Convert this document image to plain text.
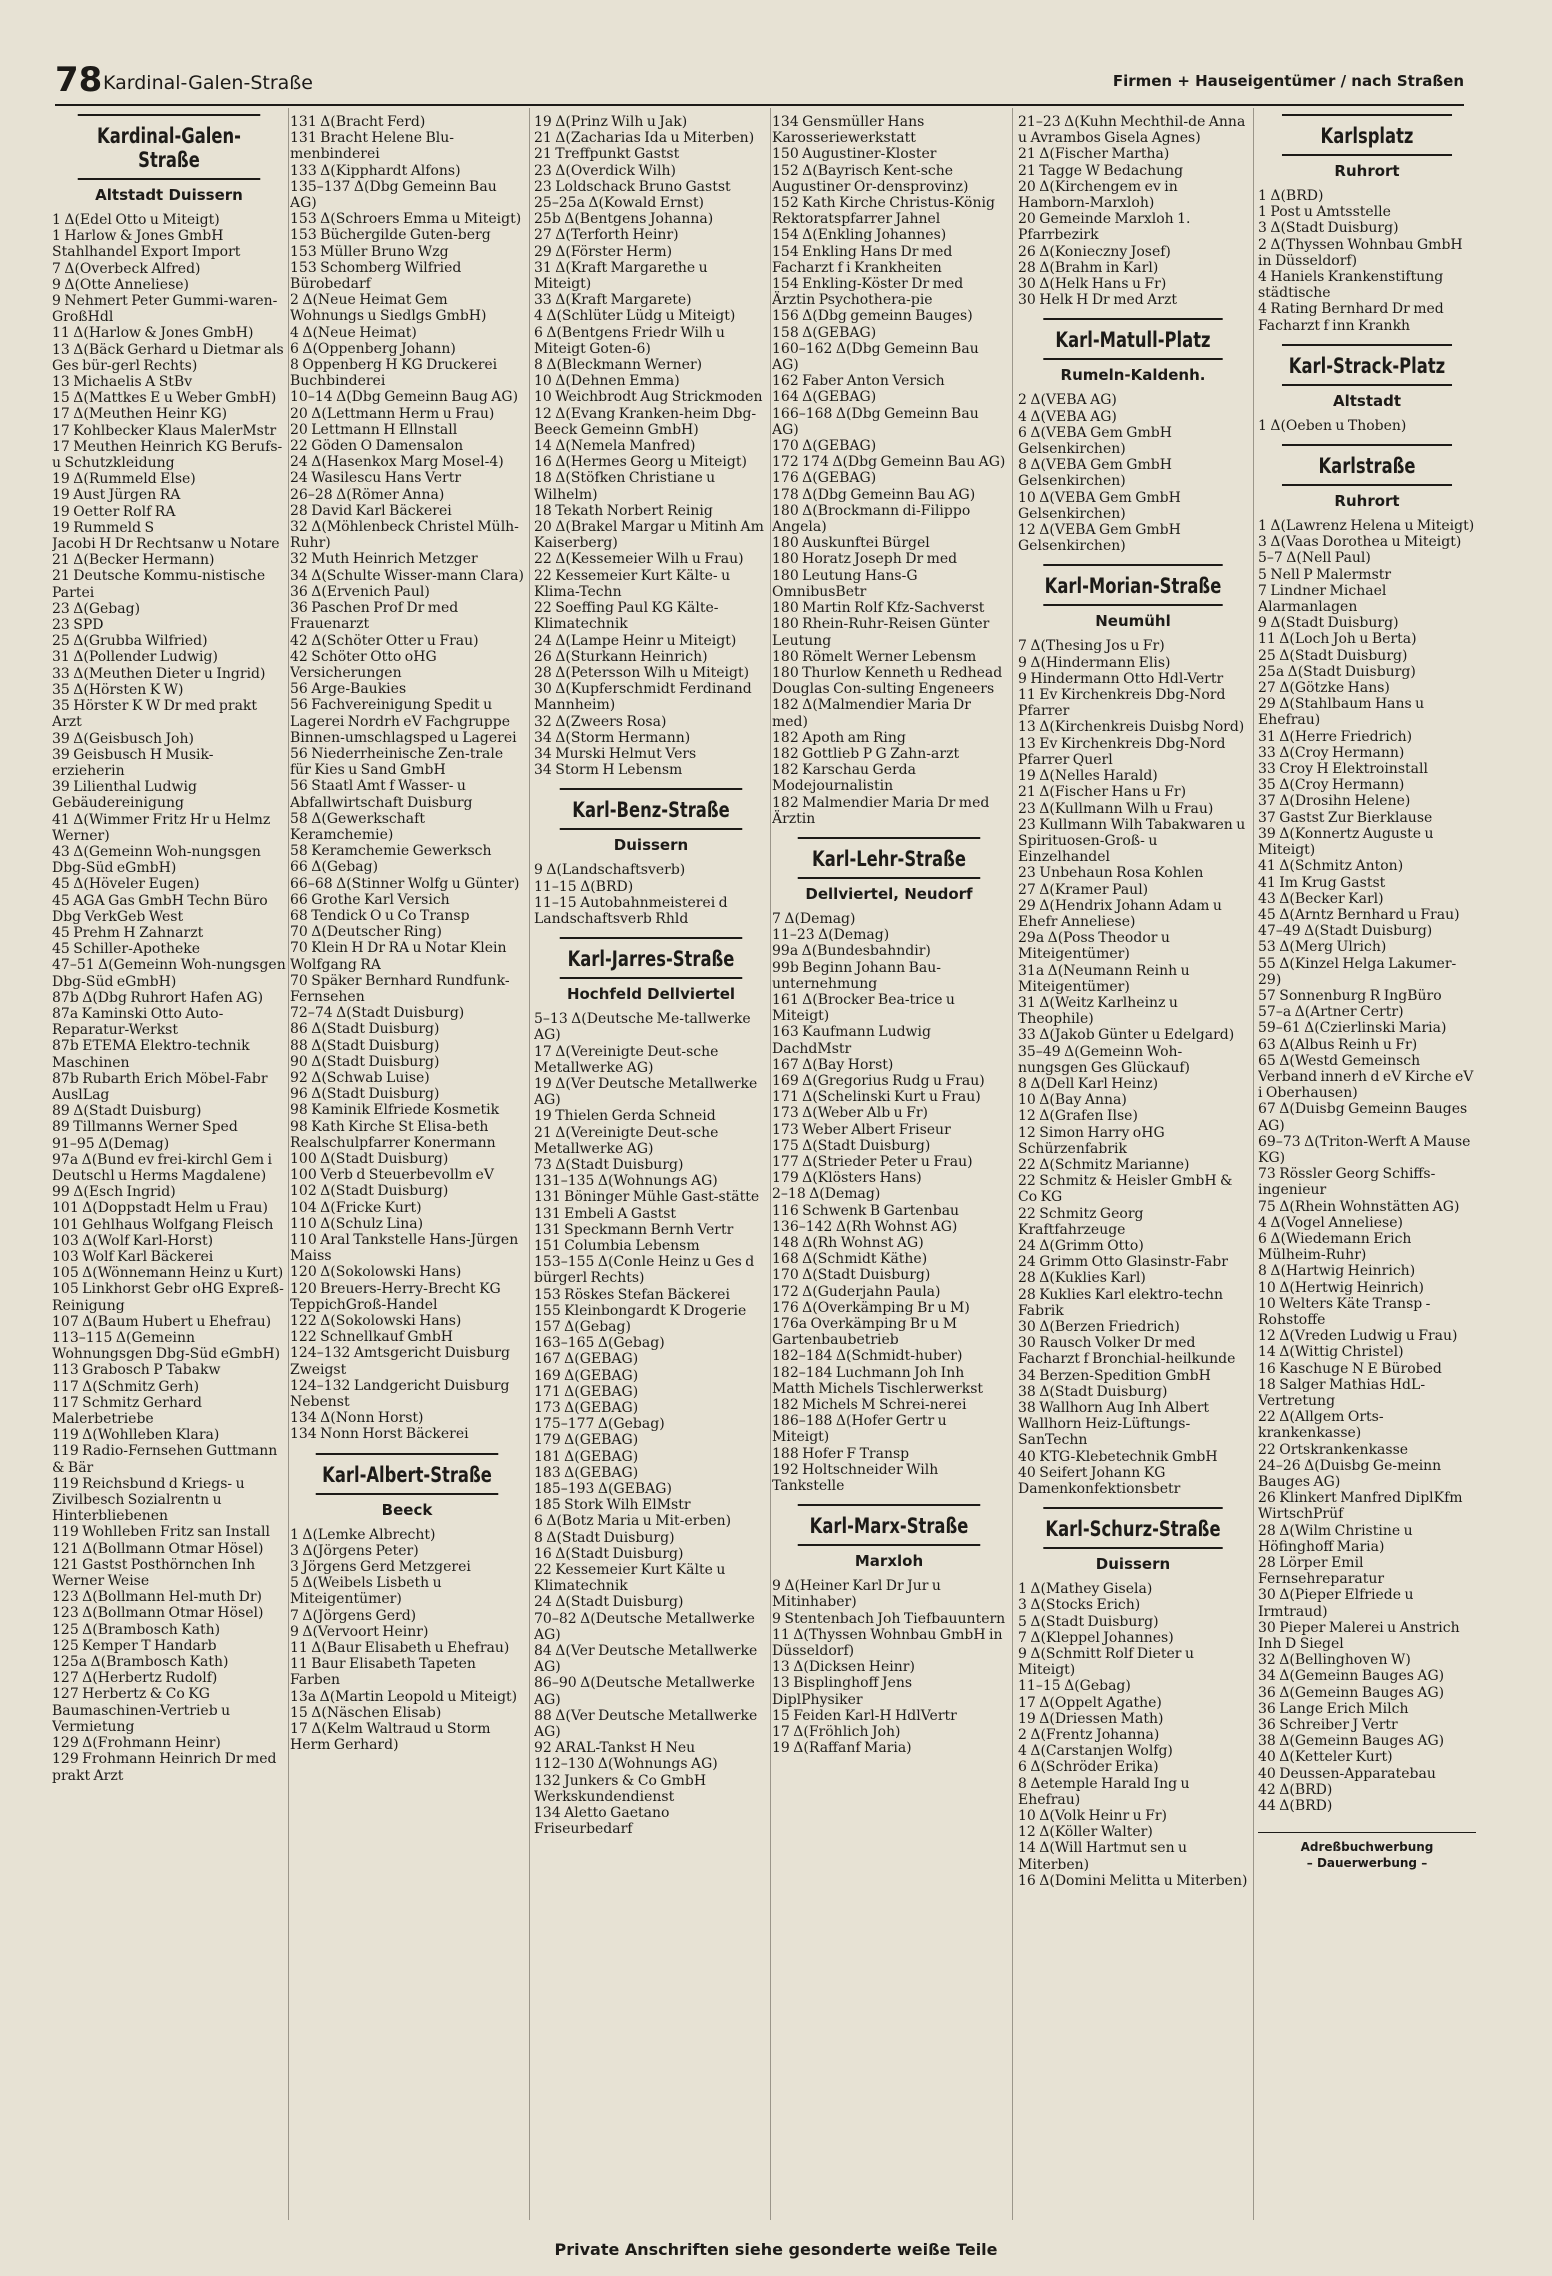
78 Kardinal-Galen-Straße	Firmen + Hauseigentümer / nach Straßen
Kardinal-Galen-Straße
Altstadt Duissern
1 Δ(Edel Otto u Miteigt)
1 Harlow & Jones GmbH Stahlhandel Export Import
7 Δ(Overbeck Alfred)
9 Δ(Otte Anneliese)
9 Nehmert Peter Gummi-waren-GroßHdl
11 Δ(Harlow & Jones GmbH)
13 Δ(Bäck Gerhard u Dietmar als Ges bür-gerl Rechts)
13 Michaelis A StBv
15 Δ(Mattkes E u Weber GmbH)
17 Δ(Meuthen Heinr KG)
17 Kohlbecker Klaus MalerMstr
17 Meuthen Heinrich KG Berufs- u Schutzkleidung
19 Δ(Rummeld Else)
19 Aust Jürgen RA
19 Oetter Rolf RA
19 Rummeld S
Jacobi H Dr Rechtsanw u Notare
21 Δ(Becker Hermann)
21 Deutsche Kommu-nistische Partei
23 Δ(Gebag)
23 SPD
25 Δ(Grubba Wilfried)
31 Δ(Pollender Ludwig)
33 Δ(Meuthen Dieter u Ingrid)
35 Δ(Hörsten K W)
35 Hörster K W Dr med prakt Arzt
39 Δ(Geisbusch Joh)
39 Geisbusch H Musik-erzieherin
39 Lilienthal Ludwig Gebäudereinigung
41 Δ(Wimmer Fritz Hr u Helmz Werner)
43 Δ(Gemeinn Woh-nungsgen Dbg-Süd eGmbH)
45 Δ(Höveler Eugen)
45 AGA Gas GmbH Techn Büro Dbg VerkGeb West
45 Prehm H Zahnarzt
45 Schiller-Apotheke
47–51 Δ(Gemeinn Woh-nungsgen Dbg-Süd eGmbH)
87b Δ(Dbg Ruhrort Hafen AG)
87a Kaminski Otto Auto-Reparatur-Werkst
87b ETEMA Elektro-technik Maschinen
87b Rubarth Erich Möbel-Fabr AuslLag
89 Δ(Stadt Duisburg)
89 Tillmanns Werner Sped
91–95 Δ(Demag)
97a Δ(Bund ev frei-kirchl Gem i Deutschl u Herms Magdalene)
99 Δ(Esch Ingrid)
101 Δ(Doppstadt Helm u Frau)
101 Gehlhaus Wolfgang Fleisch
103 Δ(Wolf Karl-Horst)
103 Wolf Karl Bäckerei
105 Δ(Wönnemann Heinz u Kurt)
105 Linkhorst Gebr oHG Expreß-Reinigung
107 Δ(Baum Hubert u Ehefrau)
113–115 Δ(Gemeinn Wohnungsgen Dbg-Süd eGmbH)
113 Grabosch P Tabakw
117 Δ(Schmitz Gerh)
117 Schmitz Gerhard Malerbetriebe
119 Δ(Wohlleben Klara)
119 Radio-Fernsehen Guttmann & Bär
119 Reichsbund d Kriegs- u Zivilbesch Sozialrentn u Hinterbliebenen
119 Wohlleben Fritz san Install
121 Δ(Bollmann Otmar Hösel)
121 Gastst Posthörnchen Inh Werner Weise
123 Δ(Bollmann Hel-muth Dr)
123 Δ(Bollmann Otmar Hösel)
125 Δ(Brambosch Kath)
125 Kemper T Handarb
125a Δ(Brambosch Kath)
127 Δ(Herbertz Rudolf)
127 Herbertz & Co KG Baumaschinen-Vertrieb u Vermietung
129 Δ(Frohmann Heinr)
129 Frohmann Heinrich Dr med prakt Arzt
131 Δ(Bracht Ferd)
131 Bracht Helene Blu-menbinderei
133 Δ(Kipphardt Alfons)
135–137 Δ(Dbg Gemeinn Bau AG)
153 Δ(Schroers Emma u Miteigt)
153 Büchergilde Guten-berg
153 Müller Bruno Wzg
153 Schomberg Wilfried Bürobedarf
2 Δ(Neue Heimat Gem Wohnungs u Siedlgs GmbH)
4 Δ(Neue Heimat)
6 Δ(Oppenberg Johann)
8 Oppenberg H KG Druckerei Buchbinderei
10–14 Δ(Dbg Gemeinn Baug AG)
20 Δ(Lettmann Herm u Frau)
20 Lettmann H Ellnstall
22 Göden O Damensalon
24 Δ(Hasenkox Marg Mosel-4)
24 Wasilescu Hans Vertr
26–28 Δ(Römer Anna)
28 David Karl Bäckerei
32 Δ(Möhlenbeck Christel Mülh-Ruhr)
32 Muth Heinrich Metzger
34 Δ(Schulte Wisser-mann Clara)
36 Δ(Ervenich Paul)
36 Paschen Prof Dr med Frauenarzt
42 Δ(Schöter Otter u Frau)
42 Schöter Otto oHG Versicherungen
56 Arge-Baukies
56 Fachvereinigung Spedit u Lagerei Nordrh eV Fachgruppe Binnen-umschlagsped u Lagerei
56 Niederrheinische Zen-trale für Kies u Sand GmbH
56 Staatl Amt f Wasser- u Abfallwirtschaft Duisburg
58 Δ(Gewerkschaft Keramchemie)
58 Keramchemie Gewerksch
66 Δ(Gebag)
66–68 Δ(Stinner Wolfg u Günter)
66 Grothe Karl Versich
68 Tendick O u Co Transp
70 Δ(Deutscher Ring)
70 Klein H Dr RA u Notar Klein Wolfgang RA
70 Späker Bernhard Rundfunk-Fernsehen
72–74 Δ(Stadt Duisburg)
86 Δ(Stadt Duisburg)
88 Δ(Stadt Duisburg)
90 Δ(Stadt Duisburg)
92 Δ(Schwab Luise)
96 Δ(Stadt Duisburg)
98 Kaminik Elfriede Kosmetik
98 Kath Kirche St Elisa-beth Realschulpfarrer Konermann
100 Δ(Stadt Duisburg)
100 Verb d Steuerbevollm eV
102 Δ(Stadt Duisburg)
104 Δ(Fricke Kurt)
110 Δ(Schulz Lina)
110 Aral Tankstelle Hans-Jürgen Maiss
120 Δ(Sokolowski Hans)
120 Breuers-Herry-Brecht KG TeppichGroß-Handel
122 Δ(Sokolowski Hans)
122 Schnellkauf GmbH
124–132 Amtsgericht Duisburg Zweigst
124–132 Landgericht Duisburg Nebenst
134 Δ(Nonn Horst)
134 Nonn Horst Bäckerei
Karl-Albert-Straße
Beeck
1 Δ(Lemke Albrecht)
3 Δ(Jörgens Peter)
3 Jörgens Gerd Metzgerei
5 Δ(Weibels Lisbeth u Miteigentümer)
7 Δ(Jörgens Gerd)
9 Δ(Vervoort Heinr)
11 Δ(Baur Elisabeth u Ehefrau)
11 Baur Elisabeth Tapeten Farben
13a Δ(Martin Leopold u Miteigt)
15 Δ(Näschen Elisab)
17 Δ(Kelm Waltraud u Storm Herm Gerhard)
19 Δ(Prinz Wilh u Jak)
21 Δ(Zacharias Ida u Miterben)
21 Treffpunkt Gastst
23 Δ(Overdick Wilh)
23 Loldschack Bruno Gastst
25–25a Δ(Kowald Ernst)
25b Δ(Bentgens Johanna)
27 Δ(Terforth Heinr)
29 Δ(Förster Herm)
31 Δ(Kraft Margarethe u Miteigt)
33 Δ(Kraft Margarete)
4 Δ(Schlüter Lüdg u Miteigt)
6 Δ(Bentgens Friedr Wilh u Miteigt Goten-6)
8 Δ(Bleckmann Werner)
10 Δ(Dehnen Emma)
10 Weichbrodt Aug Strickmoden
12 Δ(Evang Kranken-heim Dbg-Beeck Gemeinn GmbH)
14 Δ(Nemela Manfred)
16 Δ(Hermes Georg u Miteigt)
18 Δ(Stöfken Christiane u Wilhelm)
18 Tekath Norbert Reinig
20 Δ(Brakel Margar u Mitinh Am Kaiserberg)
22 Δ(Kessemeier Wilh u Frau)
22 Kessemeier Kurt Kälte- u Klima-Techn
22 Soeffing Paul KG Kälte-Klimatechnik
24 Δ(Lampe Heinr u Miteigt)
26 Δ(Sturkann Heinrich)
28 Δ(Petersson Wilh u Miteigt)
30 Δ(Kupferschmidt Ferdinand Mannheim)
32 Δ(Zweers Rosa)
34 Δ(Storm Hermann)
34 Murski Helmut Vers
34 Storm H Lebensm
Karl-Benz-Straße
Duissern
9 Δ(Landschaftsverb)
11–15 Δ(BRD)
11–15 Autobahnmeisterei d Landschaftsverb Rhld
Karl-Jarres-Straße
Hochfeld Dellviertel
5–13 Δ(Deutsche Me-tallwerke AG)
17 Δ(Vereinigte Deut-sche Metallwerke AG)
19 Δ(Ver Deutsche Metallwerke AG)
19 Thielen Gerda Schneid
21 Δ(Vereinigte Deut-sche Metallwerke AG)
73 Δ(Stadt Duisburg)
131–135 Δ(Wohnungs AG)
131 Böninger Mühle Gast-stätte
131 Embeli A Gastst
131 Speckmann Bernh Vertr
151 Columbia Lebensm
153–155 Δ(Conle Heinz u Ges d bürgerl Rechts)
153 Röskes Stefan Bäckerei
155 Kleinbongardt K Drogerie
157 Δ(Gebag)
163–165 Δ(Gebag)
167 Δ(GEBAG)
169 Δ(GEBAG)
171 Δ(GEBAG)
173 Δ(GEBAG)
175–177 Δ(Gebag)
179 Δ(GEBAG)
181 Δ(GEBAG)
183 Δ(GEBAG)
185–193 Δ(GEBAG)
185 Stork Wilh ElMstr
6 Δ(Botz Maria u Mit-erben)
8 Δ(Stadt Duisburg)
16 Δ(Stadt Duisburg)
22 Kessemeier Kurt Kälte u Klimatechnik
24 Δ(Stadt Duisburg)
70–82 Δ(Deutsche Metallwerke AG)
84 Δ(Ver Deutsche Metallwerke AG)
86–90 Δ(Deutsche Metallwerke AG)
88 Δ(Ver Deutsche Metallwerke AG)
92 ARAL-Tankst H Neu
112–130 Δ(Wohnungs AG)
132 Junkers & Co GmbH Werkskundendienst
134 Aletto Gaetano Friseurbedarf
134 Gensmüller Hans Karosseriewerkstatt
150 Augustiner-Kloster
152 Δ(Bayrisch Kent-sche Augustiner Or-densprovinz)
152 Kath Kirche Christus-König Rektoratspfarrer Jahnel
154 Δ(Enkling Johannes)
154 Enkling Hans Dr med Facharzt f i Krankheiten
154 Enkling-Köster Dr med Ärztin Psychothera-pie
156 Δ(Dbg gemeinn Bauges)
158 Δ(GEBAG)
160–162 Δ(Dbg Gemeinn Bau AG)
162 Faber Anton Versich
164 Δ(GEBAG)
166–168 Δ(Dbg Gemeinn Bau AG)
170 Δ(GEBAG)
172 174 Δ(Dbg Gemeinn Bau AG)
176 Δ(GEBAG)
178 Δ(Dbg Gemeinn Bau AG)
180 Δ(Brockmann di-Filippo Angela)
180 Auskunftei Bürgel
180 Horatz Joseph Dr med
180 Leutung Hans-G OmnibusBetr
180 Martin Rolf Kfz-Sachverst
180 Rhein-Ruhr-Reisen Günter Leutung
180 Römelt Werner Lebensm
180 Thurlow Kenneth u Redhead Douglas Con-sulting Engeneers
182 Δ(Malmendier Maria Dr med)
182 Apoth am Ring
182 Gottlieb P G Zahn-arzt
182 Karschau Gerda Modejournalistin
182 Malmendier Maria Dr med Ärztin
Karl-Lehr-Straße
Dellviertel, Neudorf
7 Δ(Demag)
11–23 Δ(Demag)
99a Δ(Bundesbahndir)
99b Beginn Johann Bau-unternehmung
161 Δ(Brocker Bea-trice u Miteigt)
163 Kaufmann Ludwig DachdMstr
167 Δ(Bay Horst)
169 Δ(Gregorius Rudg u Frau)
171 Δ(Schelinski Kurt u Frau)
173 Δ(Weber Alb u Fr)
173 Weber Albert Friseur
175 Δ(Stadt Duisburg)
177 Δ(Strieder Peter u Frau)
179 Δ(Klösters Hans)
2–18 Δ(Demag)
116 Schwenk B Gartenbau
136–142 Δ(Rh Wohnst AG)
148 Δ(Rh Wohnst AG)
168 Δ(Schmidt Käthe)
170 Δ(Stadt Duisburg)
172 Δ(Guderjahn Paula)
176 Δ(Overkämping Br u M)
176a Overkämping Br u M Gartenbaubetrieb
182–184 Δ(Schmidt-huber)
182–184 Luchmann Joh Inh Matth Michels Tischlerwerkst
182 Michels M Schrei-nerei
186–188 Δ(Hofer Gertr u Miteigt)
188 Hofer F Transp
192 Holtschneider Wilh Tankstelle
Karl-Marx-Straße
Marxloh
9 Δ(Heiner Karl Dr Jur u Mitinhaber)
9 Stentenbach Joh Tiefbauuntern
11 Δ(Thyssen Wohnbau GmbH in Düsseldorf)
13 Δ(Dicksen Heinr)
13 Bisplinghoff Jens DiplPhysiker
15 Feiden Karl-H HdlVertr
17 Δ(Fröhlich Joh)
19 Δ(Raffanf Maria)
21–23 Δ(Kuhn Mechthil-de Anna u Avrambos Gisela Agnes)
21 Δ(Fischer Martha)
21 Tagge W Bedachung
20 Δ(Kirchengem ev in Hamborn-Marxloh)
20 Gemeinde Marxloh 1. Pfarrbezirk
26 Δ(Konieczny Josef)
28 Δ(Brahm in Karl)
30 Δ(Helk Hans u Fr)
30 Helk H Dr med Arzt
Karl-Matull-Platz
Rumeln-Kaldenh.
2 Δ(VEBA AG)
4 Δ(VEBA AG)
6 Δ(VEBA Gem GmbH Gelsenkirchen)
8 Δ(VEBA Gem GmbH Gelsenkirchen)
10 Δ(VEBA Gem GmbH Gelsenkirchen)
12 Δ(VEBA Gem GmbH Gelsenkirchen)
Karl-Morian-Straße
Neumühl
7 Δ(Thesing Jos u Fr)
9 Δ(Hindermann Elis)
9 Hindermann Otto Hdl-Vertr
11 Ev Kirchenkreis Dbg-Nord Pfarrer
13 Δ(Kirchenkreis Duisbg Nord)
13 Ev Kirchenkreis Dbg-Nord Pfarrer Querl
19 Δ(Nelles Harald)
21 Δ(Fischer Hans u Fr)
23 Δ(Kullmann Wilh u Frau)
23 Kullmann Wilh Tabakwaren u Spirituosen-Groß- u Einzelhandel
23 Unbehaun Rosa Kohlen
27 Δ(Kramer Paul)
29 Δ(Hendrix Johann Adam u Ehefr Anneliese)
29a Δ(Poss Theodor u Miteigentümer)
31a Δ(Neumann Reinh u Miteigentümer)
31 Δ(Weitz Karlheinz u Theophile)
33 Δ(Jakob Günter u Edelgard)
35–49 Δ(Gemeinn Woh-nungsgen Ges Glückauf)
8 Δ(Dell Karl Heinz)
10 Δ(Bay Anna)
12 Δ(Grafen Ilse)
12 Simon Harry oHG Schürzenfabrik
22 Δ(Schmitz Marianne)
22 Schmitz & Heisler GmbH & Co KG
22 Schmitz Georg Kraftfahrzeuge
24 Δ(Grimm Otto)
24 Grimm Otto Glasinstr-Fabr
28 Δ(Kuklies Karl)
28 Kuklies Karl elektro-techn Fabrik
30 Δ(Berzen Friedrich)
30 Rausch Volker Dr med Facharzt f Bronchial-heilkunde
34 Berzen-Spedition GmbH
38 Δ(Stadt Duisburg)
38 Wallhorn Aug Inh Albert Wallhorn Heiz-Lüftungs-SanTechn
40 KTG-Klebetechnik GmbH
40 Seifert Johann KG Damenkonfektionsbetr
Karl-Schurz-Straße
Duissern
1 Δ(Mathey Gisela)
3 Δ(Stocks Erich)
5 Δ(Stadt Duisburg)
7 Δ(Kleppel Johannes)
9 Δ(Schmitt Rolf Dieter u Miteigt)
11–15 Δ(Gebag)
17 Δ(Oppelt Agathe)
19 Δ(Driessen Math)
2 Δ(Frentz Johanna)
4 Δ(Carstanjen Wolfg)
6 Δ(Schröder Erika)
8 Δetemple Harald Ing u Ehefrau)
10 Δ(Volk Heinr u Fr)
12 Δ(Köller Walter)
14 Δ(Will Hartmut sen u Miterben)
16 Δ(Domini Melitta u Miterben)
Karlsplatz
Ruhrort
1 Δ(BRD)
1 Post u Amtsstelle
3 Δ(Stadt Duisburg)
2 Δ(Thyssen Wohnbau GmbH in Düsseldorf)
4 Haniels Krankenstiftung städtische
4 Rating Bernhard Dr med Facharzt f inn Krankh
Karl-Strack-Platz
Altstadt
1 Δ(Oeben u Thoben)
Karlstraße
Ruhrort
1 Δ(Lawrenz Helena u Miteigt)
3 Δ(Vaas Dorothea u Miteigt)
5–7 Δ(Nell Paul)
5 Nell P Malermstr
7 Lindner Michael Alarmanlagen
9 Δ(Stadt Duisburg)
11 Δ(Loch Joh u Berta)
25 Δ(Stadt Duisburg)
25a Δ(Stadt Duisburg)
27 Δ(Götzke Hans)
29 Δ(Stahlbaum Hans u Ehefrau)
31 Δ(Herre Friedrich)
33 Δ(Croy Hermann)
33 Croy H Elektroinstall
35 Δ(Croy Hermann)
37 Δ(Drosihn Helene)
37 Gastst Zur Bierklause
39 Δ(Konnertz Auguste u Miteigt)
41 Δ(Schmitz Anton)
41 Im Krug Gastst
43 Δ(Becker Karl)
45 Δ(Arntz Bernhard u Frau)
47–49 Δ(Stadt Duisburg)
53 Δ(Merg Ulrich)
55 Δ(Kinzel Helga Lakumer-29)
57 Sonnenburg R IngBüro
57–a Δ(Artner Certr)
59–61 Δ(Czierlinski Maria)
63 Δ(Albus Reinh u Fr)
65 Δ(Westd Gemeinsch Verband innerh d eV Kirche eV i Oberhausen)
67 Δ(Duisbg Gemeinn Bauges AG)
69–73 Δ(Triton-Werft A Mause KG)
73 Rössler Georg Schiffs-ingenieur
75 Δ(Rhein Wohnstätten AG)
4 Δ(Vogel Anneliese)
6 Δ(Wiedemann Erich Mülheim-Ruhr)
8 Δ(Hartwig Heinrich)
10 Δ(Hertwig Heinrich)
10 Welters Käte Transp - Rohstoffe
12 Δ(Vreden Ludwig u Frau)
14 Δ(Wittig Christel)
16 Kaschuge N E Bürobed
18 Salger Mathias HdL-Vertretung
22 Δ(Allgem Orts-krankenkasse)
22 Ortskrankenkasse
24–26 Δ(Duisbg Ge-meinn Bauges AG)
26 Klinkert Manfred DiplKfm WirtschPrüf
28 Δ(Wilm Christine u Höfinghoff Maria)
28 Lörper Emil Fernsehreparatur
30 Δ(Pieper Elfriede u Irmtraud)
30 Pieper Malerei u Anstrich Inh D Siegel
32 Δ(Bellinghoven W)
34 Δ(Gemeinn Bauges AG)
36 Δ(Gemeinn Bauges AG)
36 Lange Erich Milch
36 Schreiber J Vertr
38 Δ(Gemeinn Bauges AG)
40 Δ(Ketteler Kurt)
40 Deussen-Apparatebau
42 Δ(BRD)
44 Δ(BRD)
Adreßbuchwerbung
– Dauerwerbung –
Private Anschriften siehe gesonderte weiße Teile
